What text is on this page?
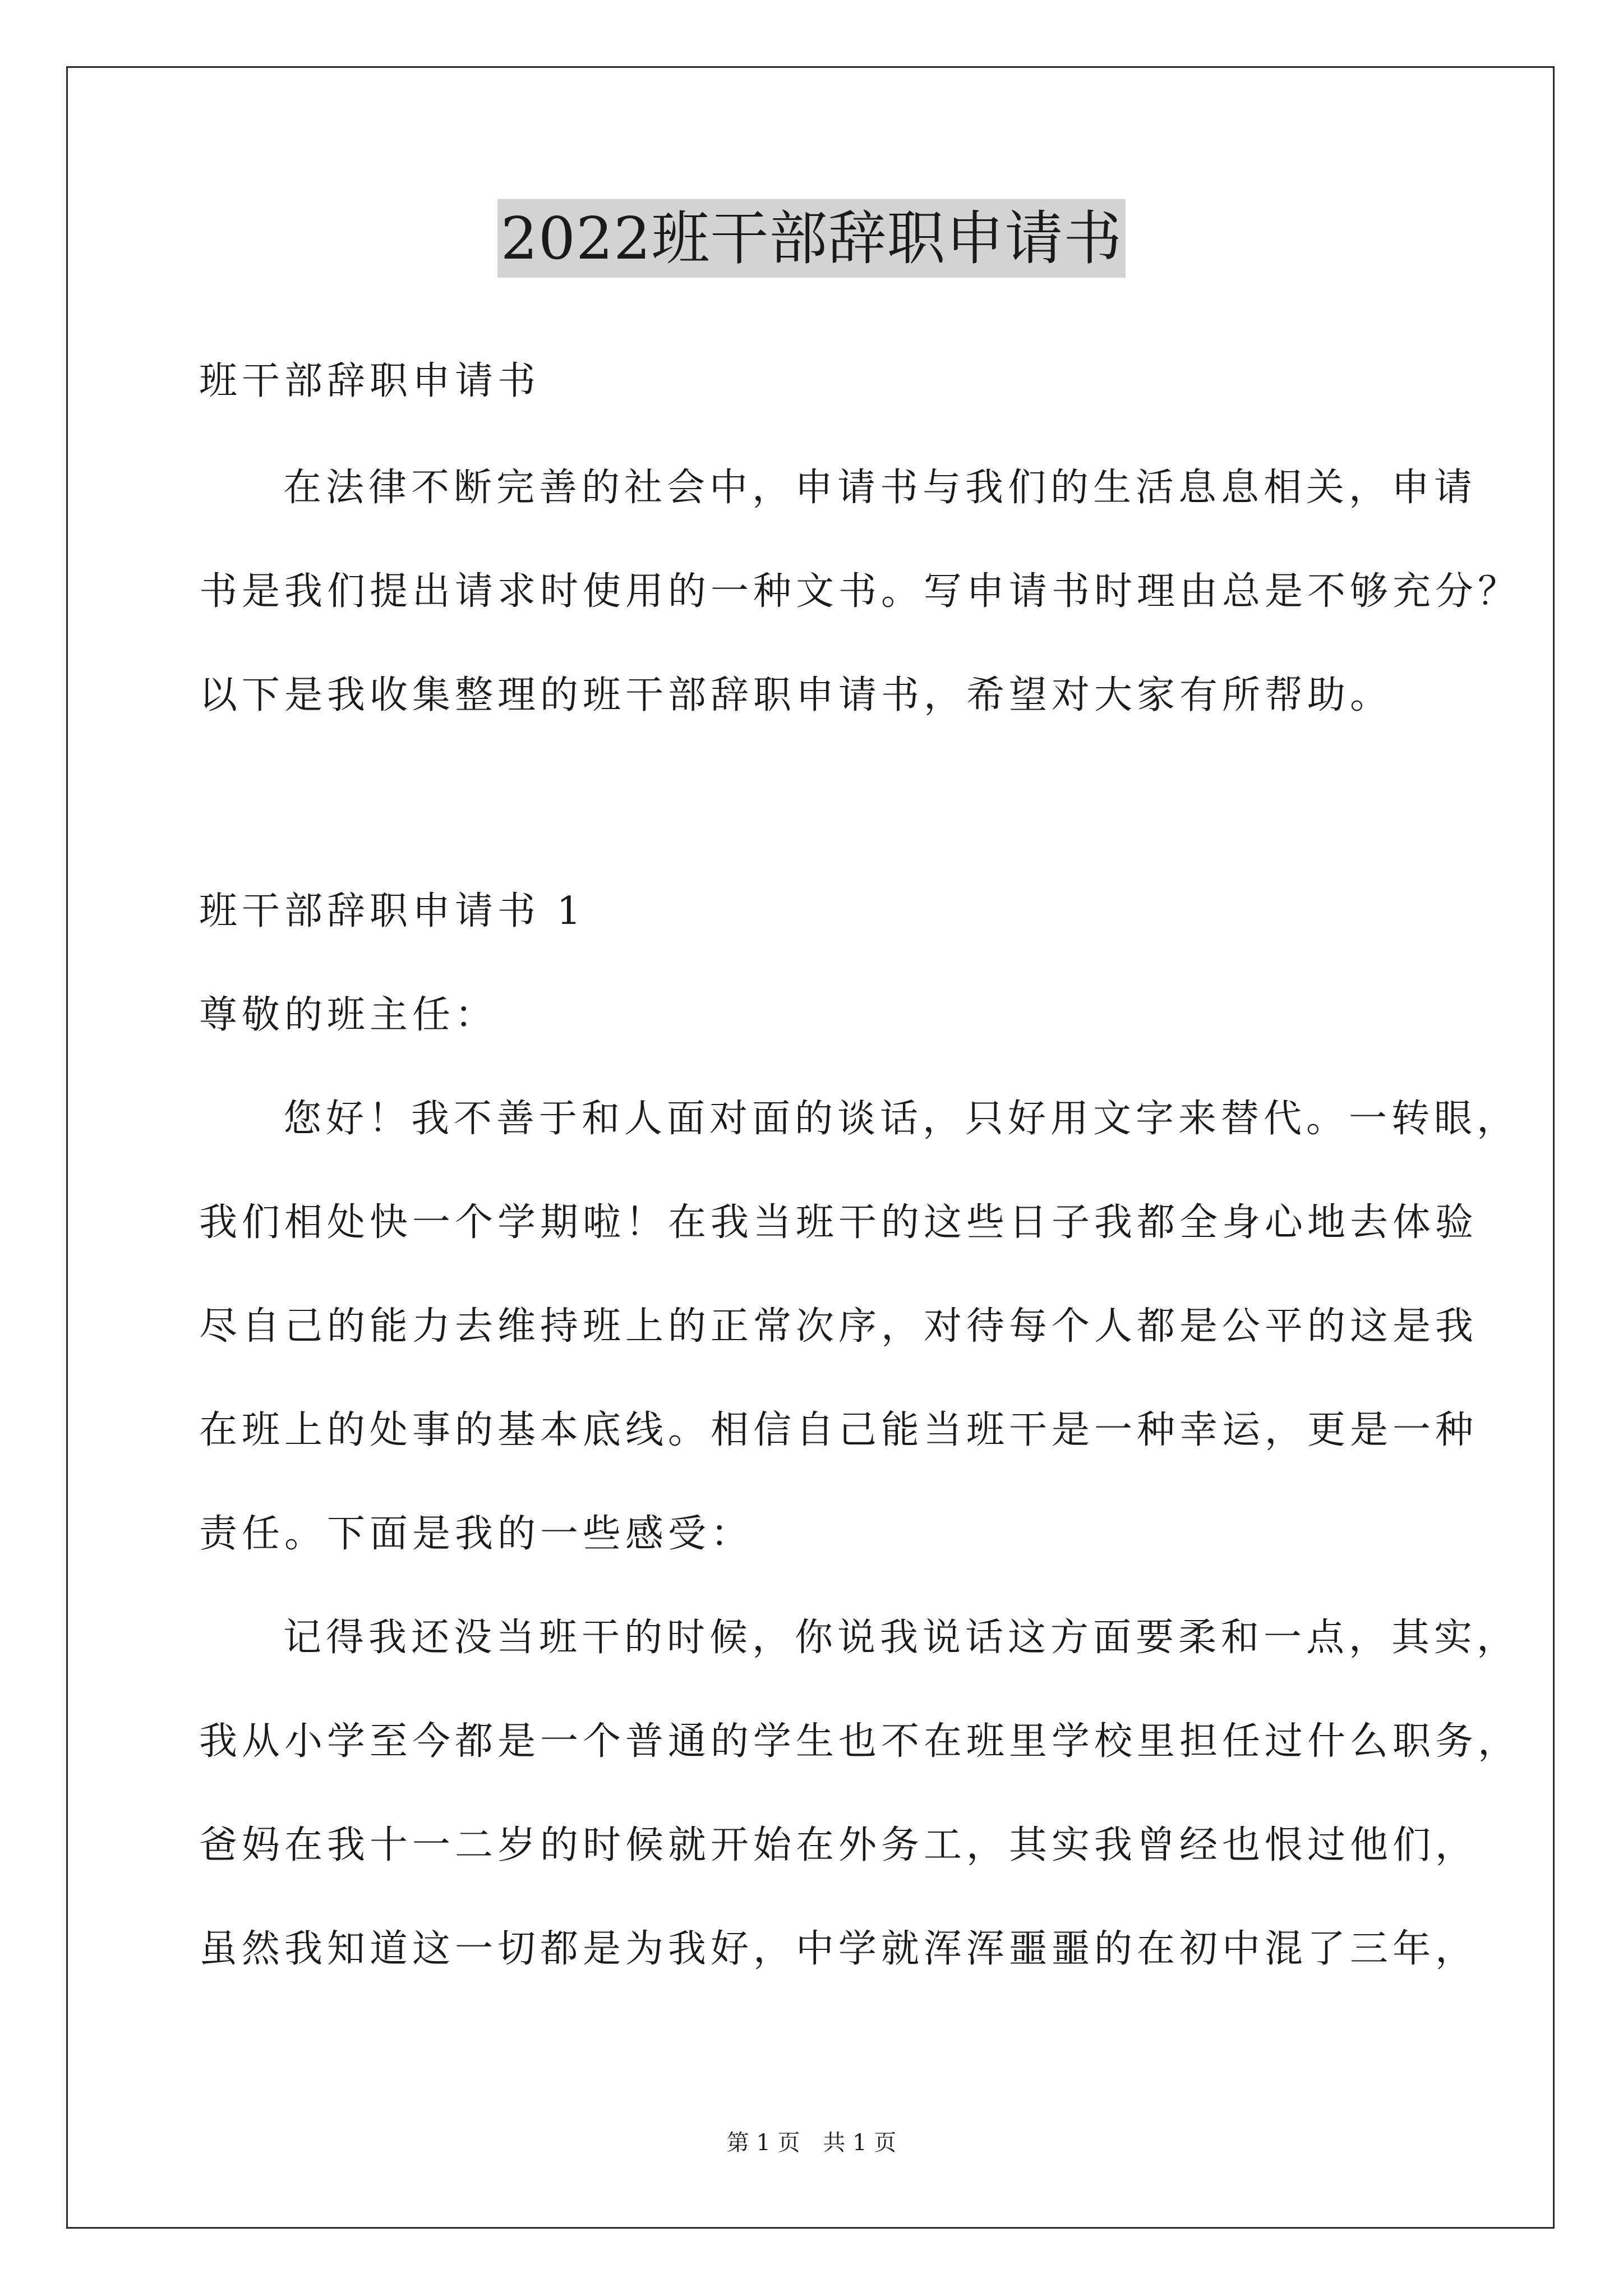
2022班干部辞职申请书
班干部辞职申请书
在法律不断完善的社会中，申请书与我们的生活息息相关，申请
书是我们提出请求时使用的一种文书。写申请书时理由总是不够充分？
以下是我收集整理的班干部辞职申请书，希望对大家有所帮助。
班干部辞职申请书 1
尊敬的班主任：
您好！我不善于和人面对面的谈话，只好用文字来替代。一转眼，
我们相处快一个学期啦！在我当班干的这些日子我都全身心地去体验
尽自己的能力去维持班上的正常次序，对待每个人都是公平的这是我
在班上的处事的基本底线。相信自己能当班干是一种幸运，更是一种
责任。下面是我的一些感受：
记得我还没当班干的时候，你说我说话这方面要柔和一点，其实，
我从小学至今都是一个普通的学生也不在班里学校里担任过什么职务，
爸妈在我十一二岁的时候就开始在外务工，其实我曾经也恨过他们，
虽然我知道这一切都是为我好，中学就浑浑噩噩的在初中混了三年，
第 1 页 共 1 页
